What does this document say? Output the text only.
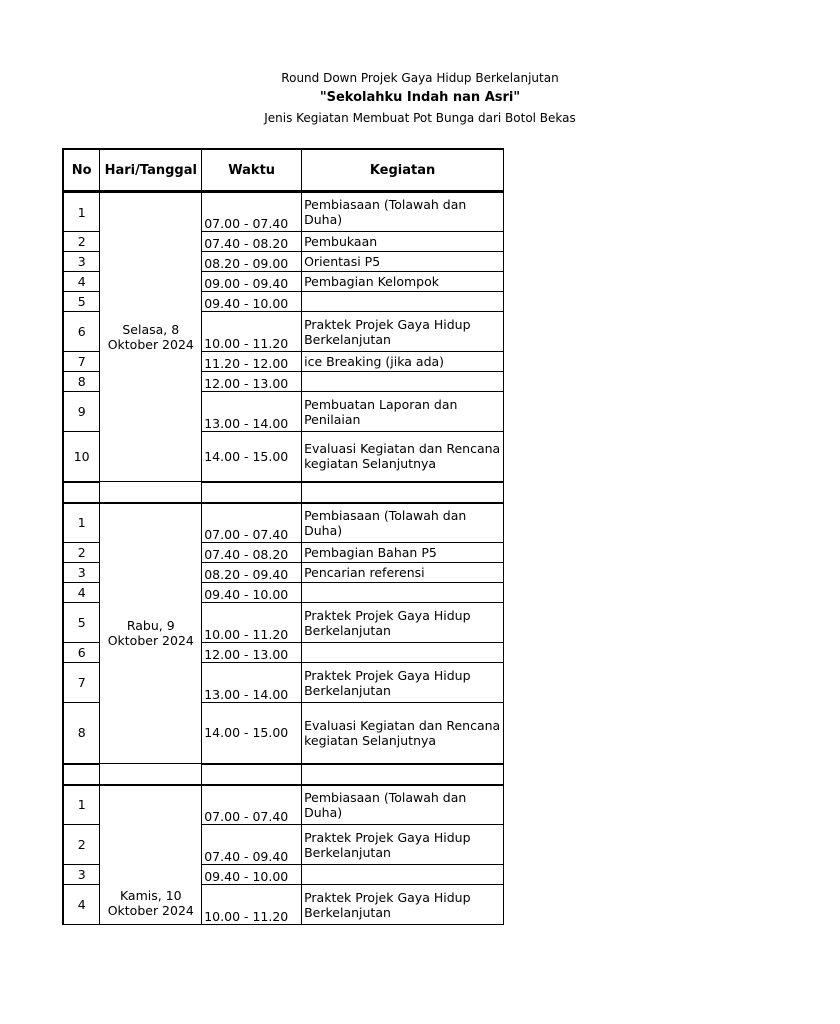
Round Down Projek Gaya Hidup Berkelanjutan
"Sekolahku Indah nan Asri"
Jenis Kegiatan Membuat Pot Bunga dari Botol Bekas
No	Hari/Tanggal	Waktu	Kegiatan
1	Selasa, 8 Oktober 2024	07.00 - 07.40	Pembiasaan (Tolawah dan Duha)
2		07.40 - 08.20	Pembukaan
3		08.20 - 09.00	Orientasi P5
4		09.00 - 09.40	Pembagian Kelompok
5		09.40 - 10.00	
6		10.00 - 11.20	Praktek Projek Gaya Hidup Berkelanjutan
7		11.20 - 12.00	ice Breaking (jika ada)
8		12.00 - 13.00	
9		13.00 - 14.00	Pembuatan Laporan dan Penilaian
10		14.00 - 15.00	Evaluasi Kegiatan dan Rencana kegiatan Selanjutnya

1	Rabu, 9 Oktober 2024	07.00 - 07.40	Pembiasaan (Tolawah dan Duha)
2		07.40 - 08.20	Pembagian Bahan P5
3		08.20 - 09.40	Pencarian referensi
4		09.40 - 10.00	
5		10.00 - 11.20	Praktek Projek Gaya Hidup Berkelanjutan
6		12.00 - 13.00	
7		13.00 - 14.00	Praktek Projek Gaya Hidup Berkelanjutan
8		14.00 - 15.00	Evaluasi Kegiatan dan Rencana kegiatan Selanjutnya

1	Kamis, 10 Oktober 2024	07.00 - 07.40	Pembiasaan (Tolawah dan Duha)
2		07.40 - 09.40	Praktek Projek Gaya Hidup Berkelanjutan
3		09.40 - 10.00	
4		10.00 - 11.20	Praktek Projek Gaya Hidup Berkelanjutan
